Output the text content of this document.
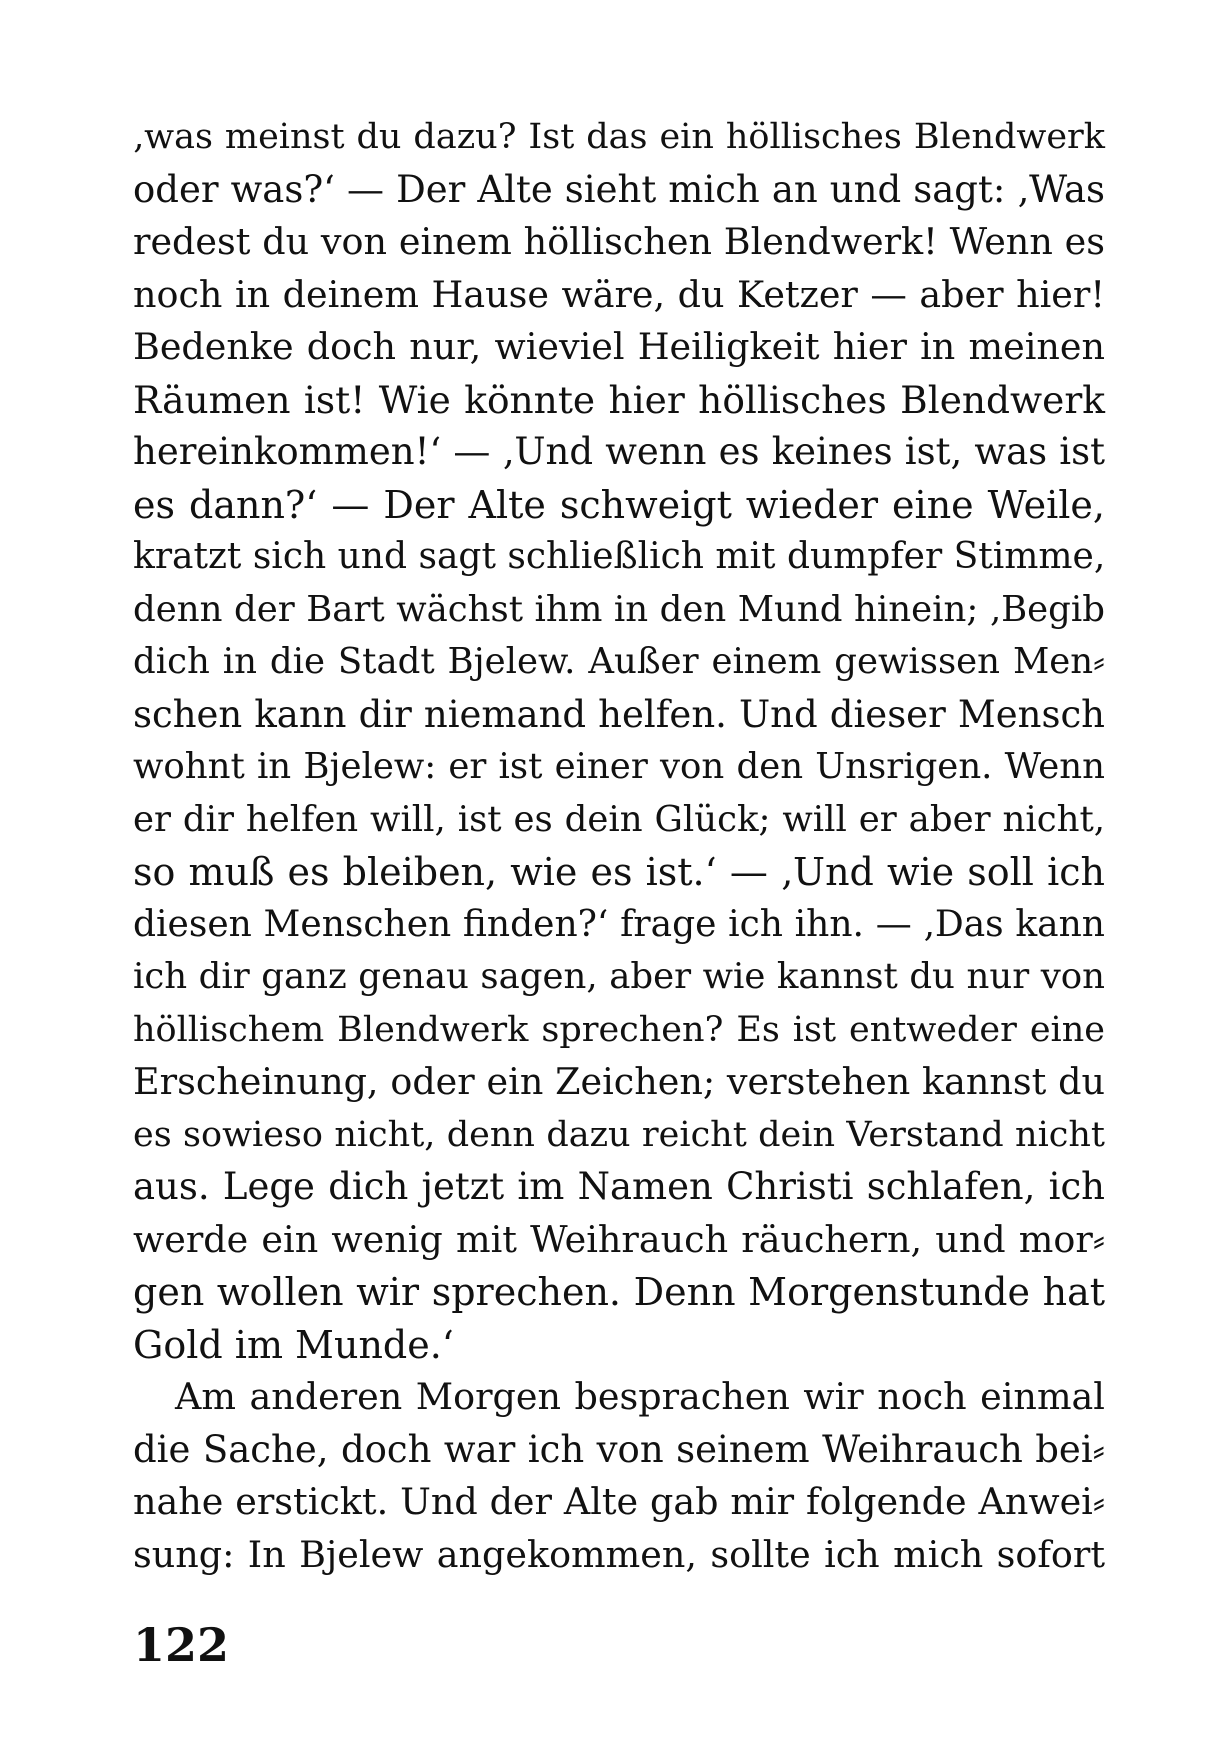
‚was meinst du dazu? Ist das ein höllisches Blendwerk
oder was?‘ — Der Alte sieht mich an und sagt: ‚Was
redest du von einem höllischen Blendwerk! Wenn es
noch in deinem Hause wäre, du Ketzer — aber hier!
Bedenke doch nur, wieviel Heiligkeit hier in meinen
Räumen ist! Wie könnte hier höllisches Blendwerk
hereinkommen!‘ — ‚Und wenn es keines ist, was ist
es dann?‘ — Der Alte schweigt wieder eine Weile,
kratzt sich und sagt schließlich mit dumpfer Stimme,
denn der Bart wächst ihm in den Mund hinein; ‚Begib
dich in die Stadt Bjelew. Außer einem gewissen Men⸗
schen kann dir niemand helfen. Und dieser Mensch
wohnt in Bjelew: er ist einer von den Unsrigen. Wenn
er dir helfen will, ist es dein Glück; will er aber nicht,
so muß es bleiben, wie es ist.‘ — ‚Und wie soll ich
diesen Menschen finden?‘ frage ich ihn. — ‚Das kann
ich dir ganz genau sagen, aber wie kannst du nur von
höllischem Blendwerk sprechen? Es ist entweder eine
Erscheinung, oder ein Zeichen; verstehen kannst du
es sowieso nicht, denn dazu reicht dein Verstand nicht
aus. Lege dich jetzt im Namen Christi schlafen, ich
werde ein wenig mit Weihrauch räuchern, und mor⸗
gen wollen wir sprechen. Denn Morgenstunde hat
Gold im Munde.‘
Am anderen Morgen besprachen wir noch einmal
die Sache, doch war ich von seinem Weihrauch bei⸗
nahe erstickt. Und der Alte gab mir folgende Anwei⸗
sung: In Bjelew angekommen, sollte ich mich sofort
122
